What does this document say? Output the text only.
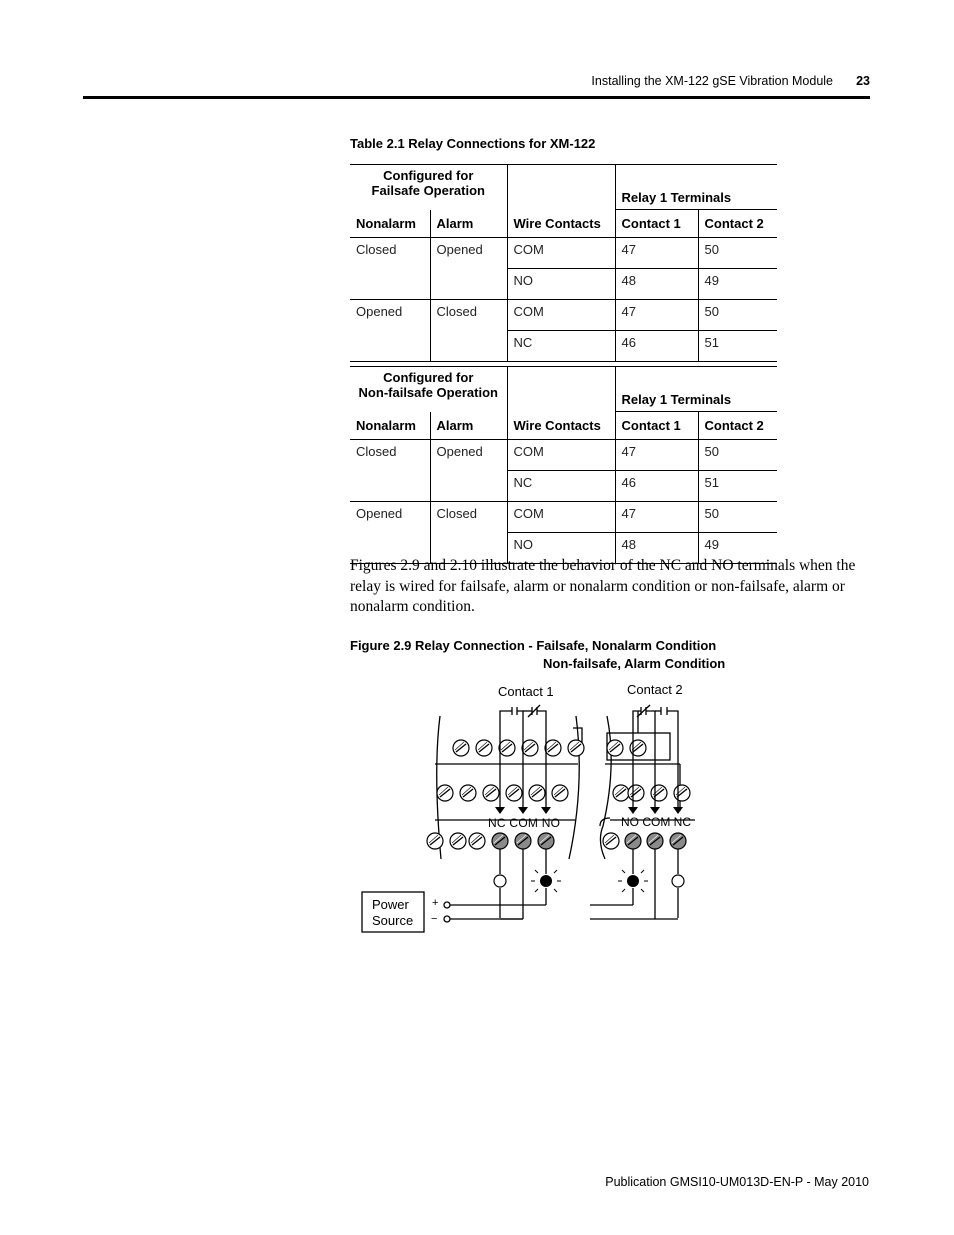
Installing the XM-122 gSE Vibration Module 23
Table 2.1 Relay Connections for XM-122
Configured for
Failsafe Operation			Relay 1 Terminals	
Nonalarm	Alarm	Wire Contacts	Contact 1	Contact 2
Closed	Opened	COM	47	50
		NO	48	49
Opened	Closed	COM	47	50
		NC	46	51
Configured for
Non-failsafe Operation			Relay 1 Terminals	
Nonalarm	Alarm	Wire Contacts	Contact 1	Contact 2
Closed	Opened	COM	47	50
		NC	46	51
Opened	Closed	COM	47	50
		NO	48	49
Figures 2.9 and 2.10 illustrate the behavior of the NC and NO terminals when the relay is wired for failsafe, alarm or nonalarm condition or non-failsafe, alarm or nonalarm condition.
Figure 2.9 Relay Connection - Failsafe, Nonalarm Condition
Non-failsafe, Alarm Condition
Contact 1	Contact 2
NC COM NO	NO COM NC
Power
Source
+
−
Publication GMSI10-UM013D-EN-P - May 2010
